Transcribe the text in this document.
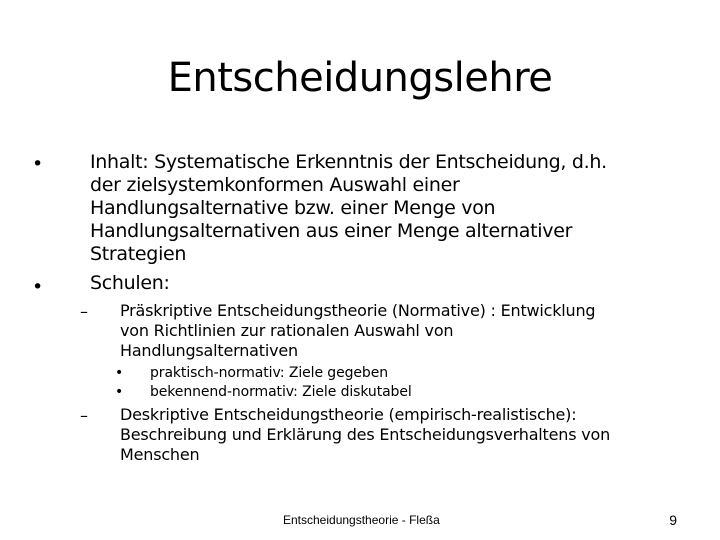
Entscheidungslehre
• Inhalt: Systematische Erkenntnis der Entscheidung, d.h.
der zielsystemkonformen Auswahl einer
Handlungsalternative bzw. einer Menge von
Handlungsalternativen aus einer Menge alternativer
Strategien
• Schulen:
– Präskriptive Entscheidungstheorie (Normative) : Entwicklung
von Richtlinien zur rationalen Auswahl von
Handlungsalternativen
• praktisch-normativ: Ziele gegeben
• bekennend-normativ: Ziele diskutabel
– Deskriptive Entscheidungstheorie (empirisch-realistische):
Beschreibung und Erklärung des Entscheidungsverhaltens von
Menschen
Entscheidungstheorie - Fleßa	9
